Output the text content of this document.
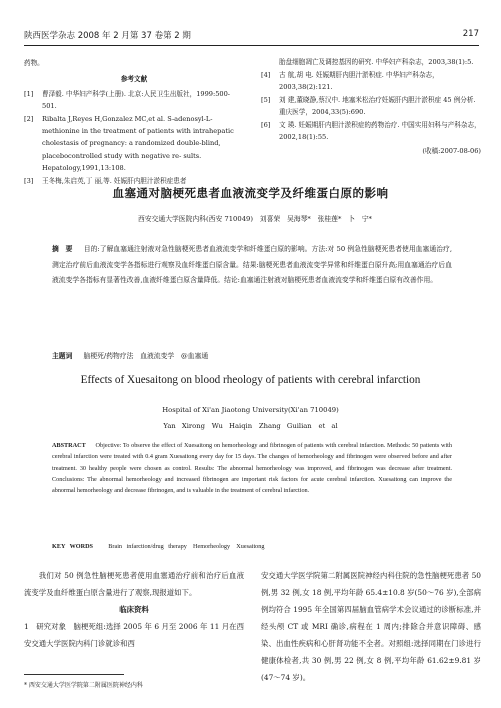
陕西医学杂志 2008 年 2 月第 37 卷第 2 期	217
药物。
参考文献
[1] 曹泽毅. 中华妇产科学(上册). 北京:人民卫生出版社，1999:500-501.
[2] Ribalta J,Reyes H,Gonzalez MC,et al. S-adenosyl-L-methionine in the treatment of patients with intrahepatic cholestasis of pregnancy: a randomized double-blind, placebocontrolled study with negative re- sults. Hepatology,1991,13:108.
[3] 王冬梅,朱启英,丁 丽,等. 妊娠肝内胆汁淤积症患者
胎盘细胞凋亡及调控基因的研究. 中华妇产科杂志，2003,38(1):5.
[4] 古 航,胡 电. 妊娠期肝内胆汁淤积症. 中华妇产科杂志，2003,38(2):121.
[5] 刘 建,董晓静,蔡汉中. 地塞米松治疗妊娠肝内胆汁淤积症 45 例分析. 重庆医学，2004,33(5):690.
[6] 文 瑛. 妊娠期肝内胆汁淤积症的药物治疗. 中国实用妇科与产科杂志，2002,18(1):55.
(收稿:2007-08-06)
血塞通对脑梗死患者血液流变学及纤维蛋白原的影响
西安交通大学医院内科(西安 710049)　刘喜荣　吴海琴*　张桂莲*　卜　宁*
摘　要 　 目的:了解血塞通注射液对急性脑梗死患者血液流变学和纤维蛋白原的影响。方法:对 50 例急性脑梗死患者使用血塞通治疗,测定治疗前后血液流变学各指标进行观察及血纤维蛋白原含量。结果:脑梗死患者血液流变学异常和纤维蛋白原升高;用血塞通治疗后血液流变学各指标有显著性改善,血液纤维蛋白原含量降低。结论:血塞通注射液对脑梗死患者血液流变学和纤维蛋白原有改善作用。
主题词 　 脑梗死/药物疗法　血液流变学　@血塞通
Effects of Xuesaitong on blood rheology of patients with cerebral infarction
Hospital of Xi'an Jiaotong University(Xi'an 710049)
Yan Xirong　Wu Haiqin　Zhang Guilian　et al
ABSTRACT 　 Objective: To observe the effect of Xuesaitong on hemorheology and fibrinogen of patients with cerebral infarction. Methods: 50 patients with cerebral infarction were treated with 0.4 gram Xuesaitong every day for 15 days. The changes of hemorheology and fibrinogen were observed before and after treatment. 30 healthy people were chosen as control. Results: The abnormal hemorheology was improved, and fibrinogen was decrease after treatment. Conclusions: The abnormal hemorheology and increased fibrinogen are important risk factors for acute cerebral infarction. Xuesaitong can improve the abnormal hemorheology and decrease fibrinogen, and is valuable in the treatment of cerebral infarction.
KEY WORDS 　 Brain infarction/drug therapy　Hemorheology　Xuesaitong
我们对 50 例急性脑梗死患者使用血塞通治疗前和治疗后血液流变学及血纤维蛋白原含量进行了观察,现报道如下。
临床资料
1　研究对象　脑梗死组:选择 2005 年 6 月至 2006 年 11 月在西安交通大学医院内科门诊就诊和西
安交通大学医学院第二附属医院神经内科住院的急性脑梗死患者 50 例,男 32 例,女 18 例,平均年龄 65.4±10.8 岁(50～76 岁),全部病例均符合 1995 年全国第四届脑血管病学术会议通过的诊断标准,并经头颅 CT 或 MRI 确诊,病程在 1 周内;排除合并意识障碍、感染、出血性疾病和心肝肾功能不全者。对照组:选择同期在门诊进行健康体检者,共 30 例,男 22 例,女 8 例,平均年龄 61.62±9.81 岁(47～74 岁)。
* 西安交通大学医学院第二附属医院神经内科
